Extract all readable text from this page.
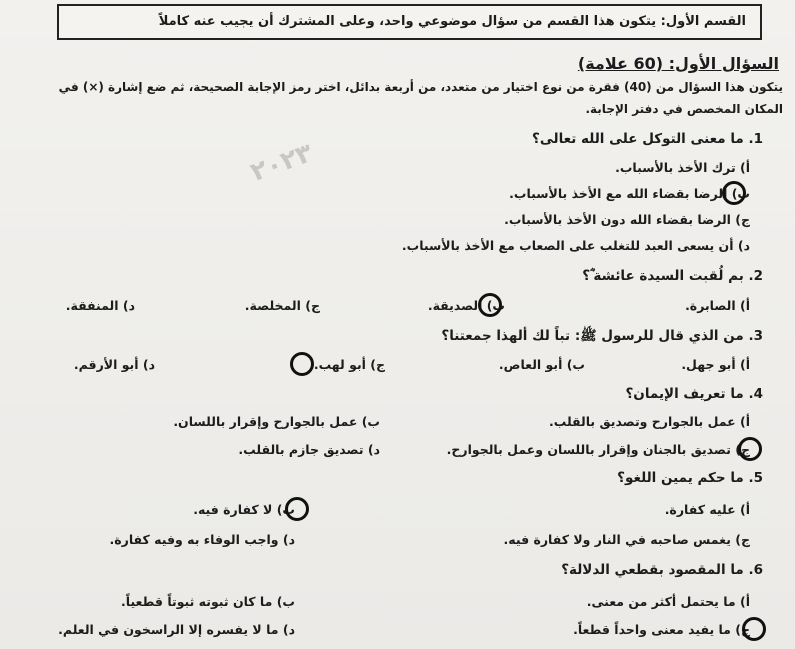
القسم الأول: يتكون هذا القسم من سؤال موضوعي واحد، وعلى المشترك أن يجيب عنه كاملاً
٢٠٢٣
السؤال الأول: (60 علامة)
يتكون هذا السؤال من (40) فقرة من نوع اختيار من متعدد، من أربعة بدائل، اختر رمز الإجابة الصحيحة، ثم ضع إشارة (×) في
المكان المخصص في دفتر الإجابة.
1. ما معنى التوكل على الله تعالى؟
أ) ترك الأخذ بالأسباب.
ب) الرضا بقضاء الله مع الأخذ بالأسباب.
ج) الرضا بقضاء الله دون الأخذ بالأسباب.
د) أن يسعى العبد للتغلب على الصعاب مع الأخذ بالأسباب.
2. بم لُقبت السيدة عائشة ؓ؟
أ) الصابرة.
ب) الصديقة.
ج) المخلصة.
د) المنفقة.
3. من الذي قال للرسول ﷺ: تباً لك ألهذا جمعتنا؟
أ) أبو جهل.
ب) أبو العاص.
ج) أبو لهب.
د) أبو الأرقم.
4. ما تعريف الإيمان؟
أ) عمل بالجوارح وتصديق بالقلب.
ب) عمل بالجوارح وإقرار باللسان.
ج) تصديق بالجنان وإقرار باللسان وعمل بالجوارح.
د) تصديق جازم بالقلب.
5. ما حكم يمين اللغو؟
أ) عليه كفارة.
ب) لا كفارة فيه.
ج) يغمس صاحبه في النار ولا كفارة فيه.
د) واجب الوفاء به وفيه كفارة.
6. ما المقصود بقطعي الدلالة؟
أ) ما يحتمل أكثر من معنى.
ب) ما كان ثبوته ثبوتاً قطعياً.
ج) ما يفيد معنى واحداً قطعاً.
د) ما لا يفسره إلا الراسخون في العلم.
